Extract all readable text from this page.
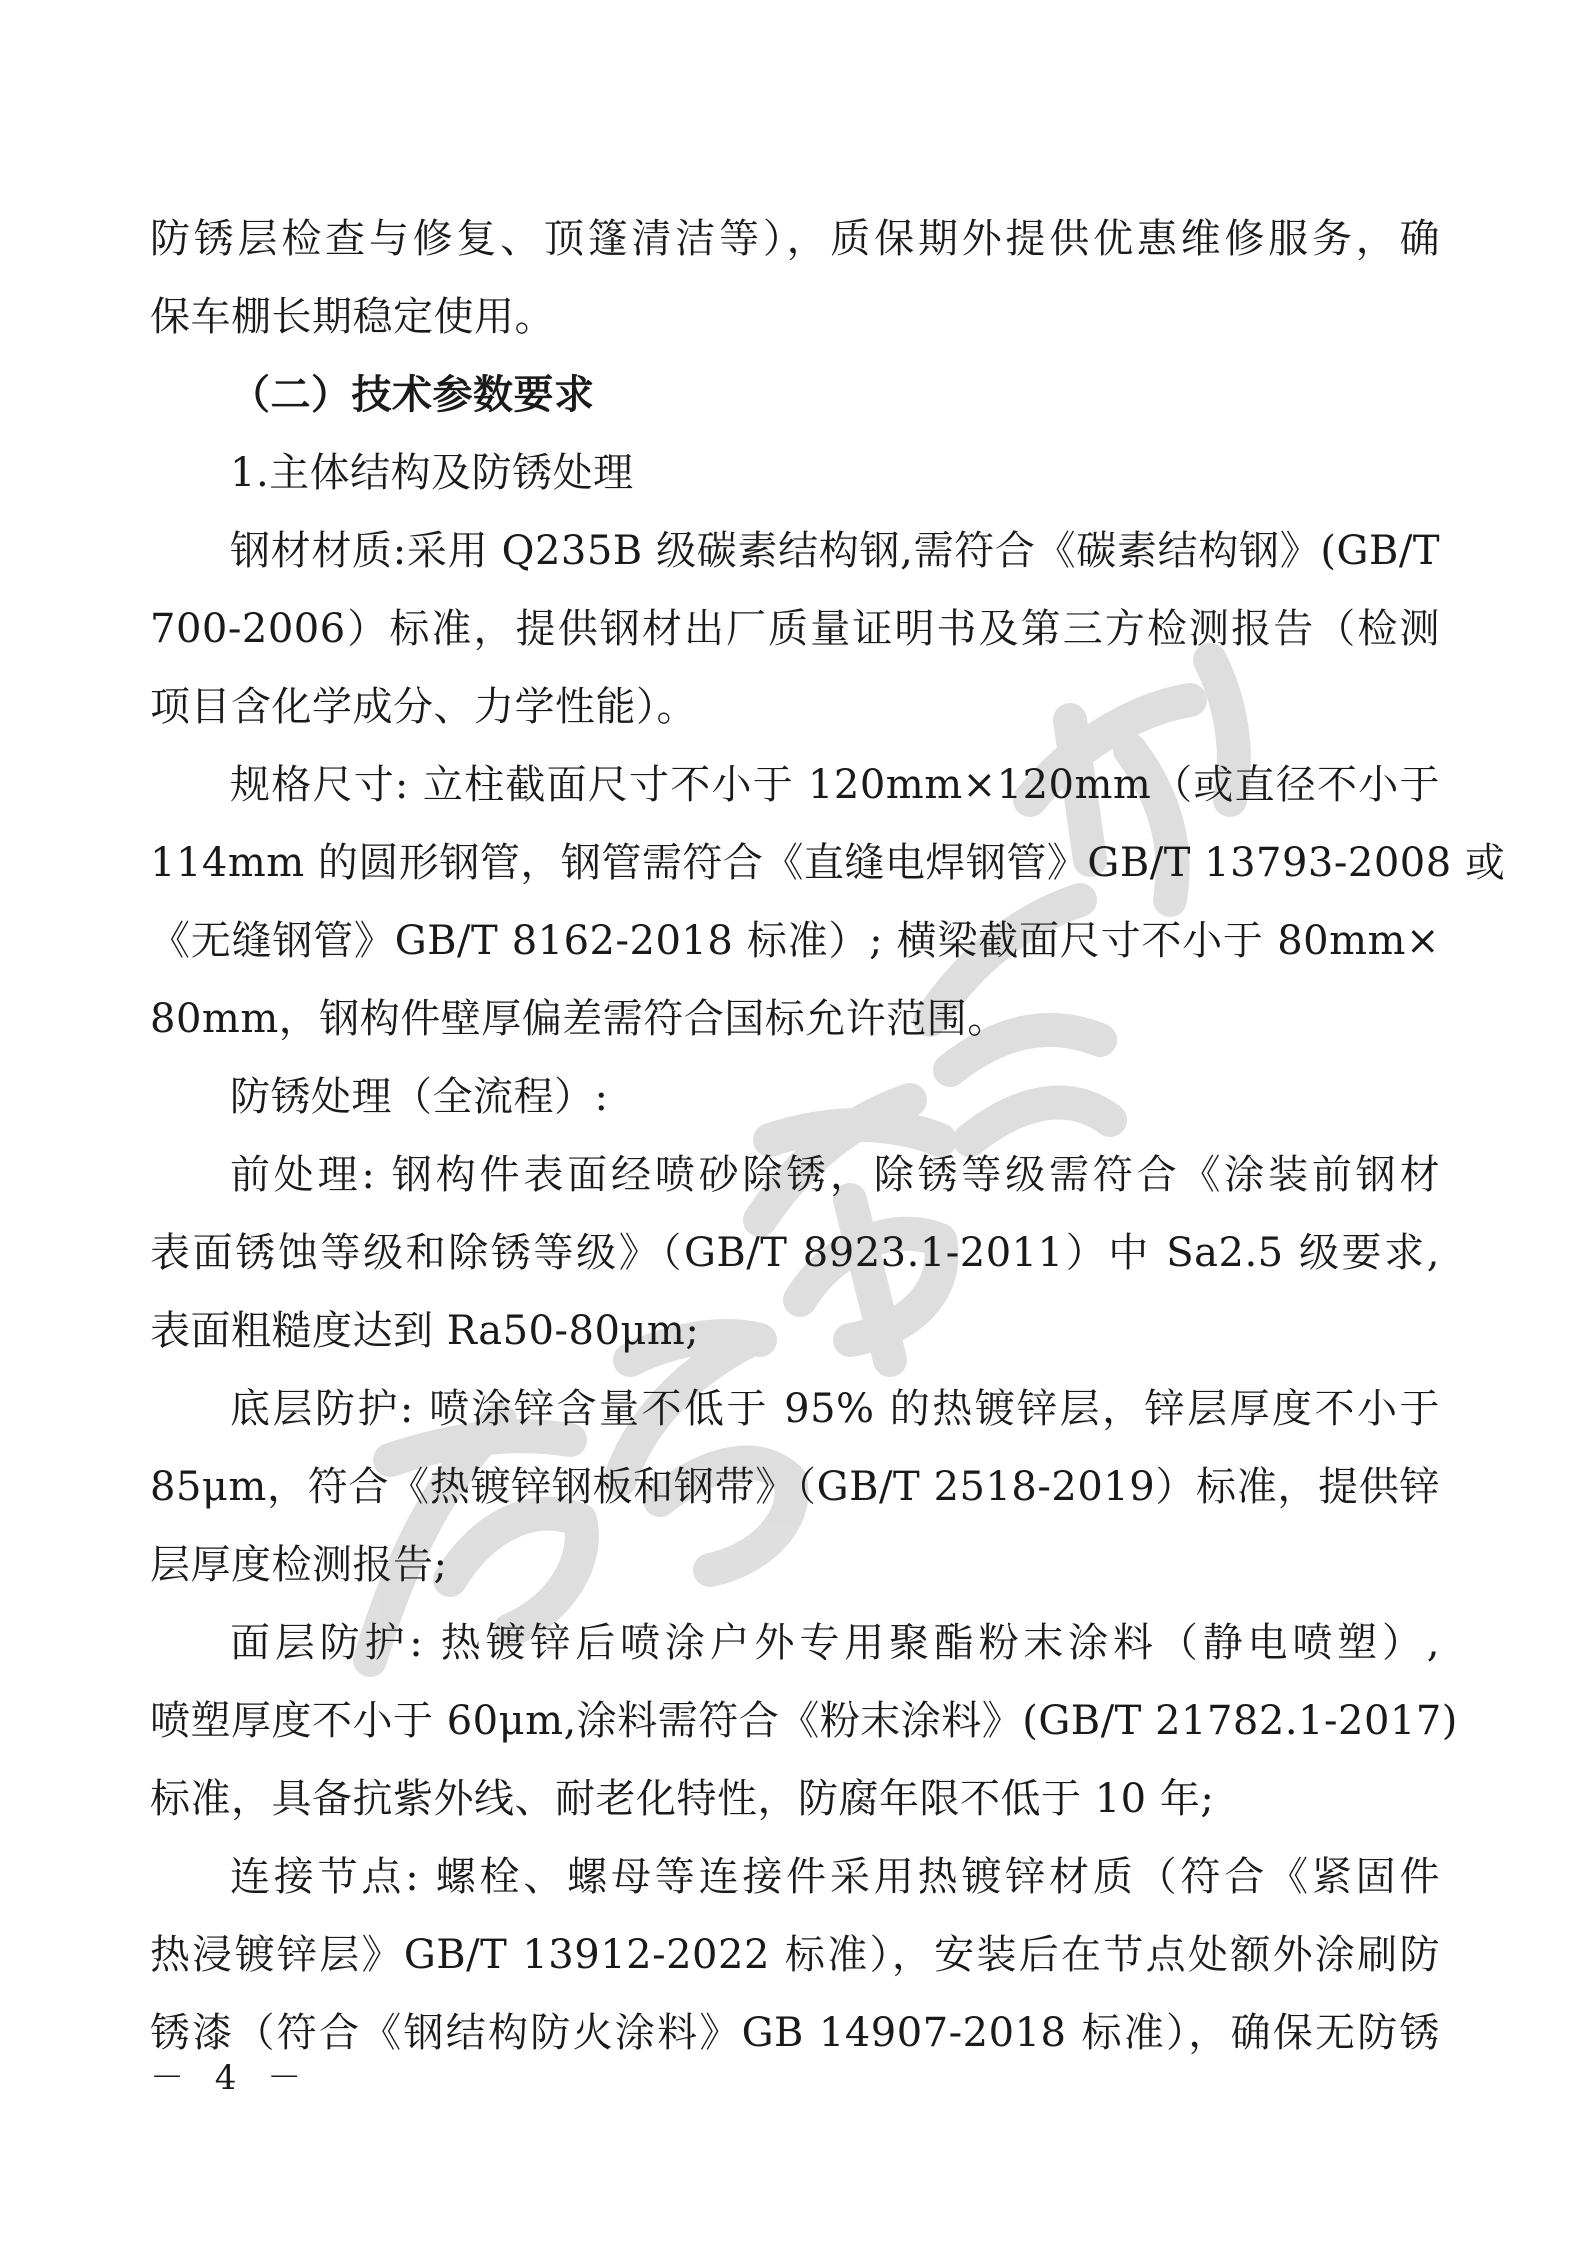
防锈层检查与修复、顶篷清洁等），质保期外提供优惠维修服务，确
保车棚长期稳定使用。
（二）技术参数要求
1.主体结构及防锈处理
钢材材质:采用 Q235B 级碳素结构钢,需符合《碳素结构钢》(GB/T
700-2006）标准，提供钢材出厂质量证明书及第三方检测报告（检测
项目含化学成分、力学性能）。
规格尺寸: 立柱截面尺寸不小于 120mm×120mm（或直径不小于
114mm 的圆形钢管，钢管需符合《直缝电焊钢管》GB/T 13793-2008 或
《无缝钢管》GB/T 8162-2018 标准）; 横梁截面尺寸不小于 80mm×
80mm，钢构件壁厚偏差需符合国标允许范围。
防锈处理（全流程）:
前处理: 钢构件表面经喷砂除锈，除锈等级需符合《涂装前钢材
表面锈蚀等级和除锈等级》（GB/T 8923.1-2011）中 Sa2.5 级要求,
表面粗糙度达到 Ra50-80μm;
底层防护: 喷涂锌含量不低于 95% 的热镀锌层，锌层厚度不小于
85μm，符合《热镀锌钢板和钢带》（GB/T 2518-2019）标准，提供锌
层厚度检测报告;
面层防护: 热镀锌后喷涂户外专用聚酯粉末涂料（静电喷塑）,
喷塑厚度不小于 60μm,涂料需符合《粉末涂料》(GB/T 21782.1-2017)
标准，具备抗紫外线、耐老化特性，防腐年限不低于 10 年;
连接节点: 螺栓、螺母等连接件采用热镀锌材质（符合《紧固件
热浸镀锌层》GB/T 13912-2022 标准），安装后在节点处额外涂刷防
锈漆（符合《钢结构防火涂料》GB 14907-2018 标准），确保无防锈
－ 4 －
